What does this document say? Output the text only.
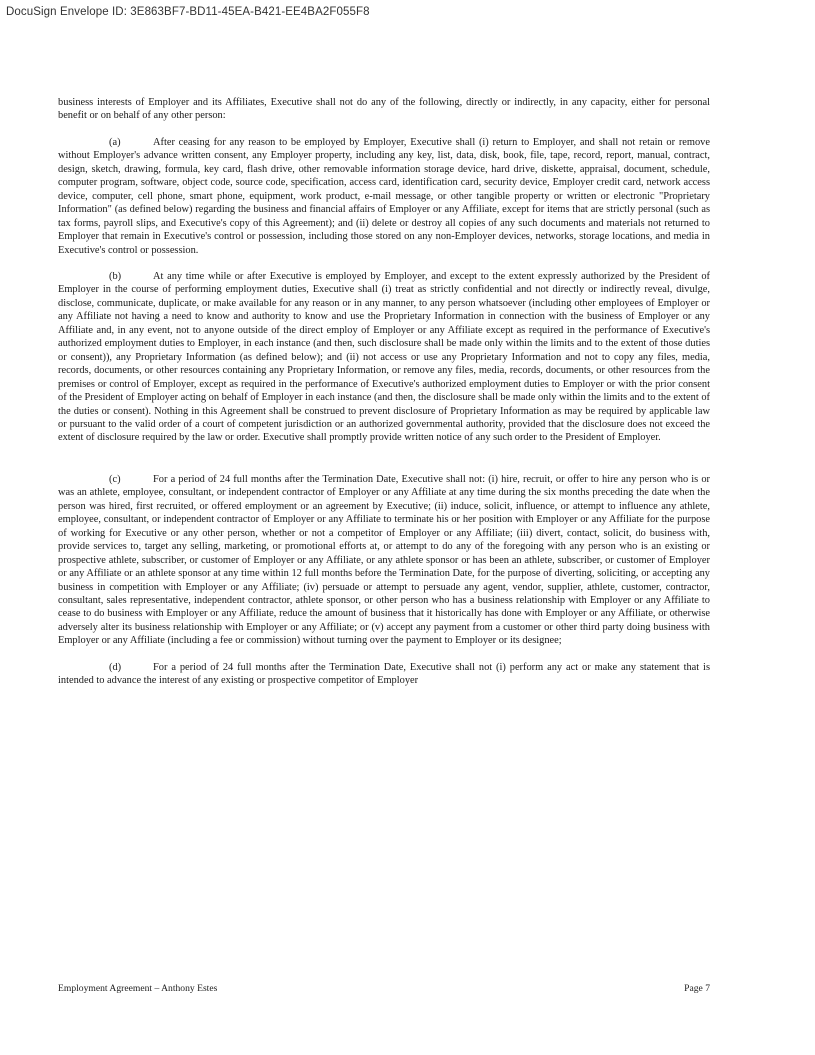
DocuSign Envelope ID: 3E863BF7-BD11-45EA-B421-EE4BA2F055F8

business interests of Employer and its Affiliates, Executive shall not do any of the following, directly or indirectly, in any capacity, either for personal benefit or on behalf of any other person:

(a)	After ceasing for any reason to be employed by Employer, Executive shall (i) return to Employer, and shall not retain or remove without Employer's advance written consent, any Employer property, including any key, list, data, disk, book, file, tape, record, report, manual, contract, design, sketch, drawing, formula, key card, flash drive, other removable information storage device, hard drive, diskette, appraisal, document, schedule, computer program, software, object code, source code, specification, access card, identification card, security device, Employer credit card, network access device, computer, cell phone, smart phone, equipment, work product, e-mail message, or other tangible property or written or electronic "Proprietary Information" (as defined below) regarding the business and financial affairs of Employer or any Affiliate, except for items that are strictly personal (such as tax forms, payroll slips, and Executive's copy of this Agreement); and (ii) delete or destroy all copies of any such documents and materials not returned to Employer that remain in Executive's control or possession, including those stored on any non-Employer devices, networks, storage locations, and media in Executive's control or possession.

(b)	At any time while or after Executive is employed by Employer, and except to the extent expressly authorized by the President of Employer in the course of performing employment duties, Executive shall (i) treat as strictly confidential and not directly or indirectly reveal, divulge, disclose, communicate, duplicate, or make available for any reason or in any manner, to any person whatsoever (including other employees of Employer or any Affiliate not having a need to know and authority to know and use the Proprietary Information in connection with the business of Employer or any Affiliate and, in any event, not to anyone outside of the direct employ of Employer or any Affiliate except as required in the performance of Executive's authorized employment duties to Employer, in each instance (and then, such disclosure shall be made only within the limits and to the extent of those duties or consent)), any Proprietary Information (as defined below); and (ii) not access or use any Proprietary Information and not to copy any files, media, records, documents, or other resources containing any Proprietary Information, or remove any files, media, records, documents, or other resources from the premises or control of Employer, except as required in the performance of Executive's authorized employment duties to Employer or with the prior consent of the President of Employer acting on behalf of Employer in each instance (and then, the disclosure shall be made only within the limits and to the extent of the duties or consent). Nothing in this Agreement shall be construed to prevent disclosure of Proprietary Information as may be required by applicable law or pursuant to the valid order of a court of competent jurisdiction or an authorized governmental authority, provided that the disclosure does not exceed the extent of disclosure required by the law or order. Executive shall promptly provide written notice of any such order to the President of Employer.

(c)	For a period of 24 full months after the Termination Date, Executive shall not: (i) hire, recruit, or offer to hire any person who is or was an athlete, employee, consultant, or independent contractor of Employer or any Affiliate at any time during the six months preceding the date when the person was hired, first recruited, or offered employment or an agreement by Executive; (ii) induce, solicit, influence, or attempt to influence any athlete, employee, consultant, or independent contractor of Employer or any Affiliate to terminate his or her position with Employer or any Affiliate for the purpose of working for Executive or any other person, whether or not a competitor of Employer or any Affiliate; (iii) divert, contact, solicit, do business with, provide services to, target any selling, marketing, or promotional efforts at, or attempt to do any of the foregoing with any person who is an existing or prospective athlete, subscriber, or customer of Employer or any Affiliate, or any athlete sponsor or has been an athlete, subscriber, or customer of Employer or any Affiliate or an athlete sponsor at any time within 12 full months before the Termination Date, for the purpose of diverting, soliciting, or accepting any business in competition with Employer or any Affiliate; (iv) persuade or attempt to persuade any agent, vendor, supplier, athlete, customer, contractor, consultant, sales representative, independent contractor, athlete sponsor, or other person who has a business relationship with Employer or any Affiliate to cease to do business with Employer or any Affiliate, reduce the amount of business that it historically has done with Employer or any Affiliate, or otherwise adversely alter its business relationship with Employer or any Affiliate; or (v) accept any payment from a customer or other third party doing business with Employer or any Affiliate (including a fee or commission) without turning over the payment to Employer or its designee;

(d)	For a period of 24 full months after the Termination Date, Executive shall not (i) perform any act or make any statement that is intended to advance the interest of any existing or prospective competitor of Employer

Employment Agreement – Anthony Estes	Page 7
